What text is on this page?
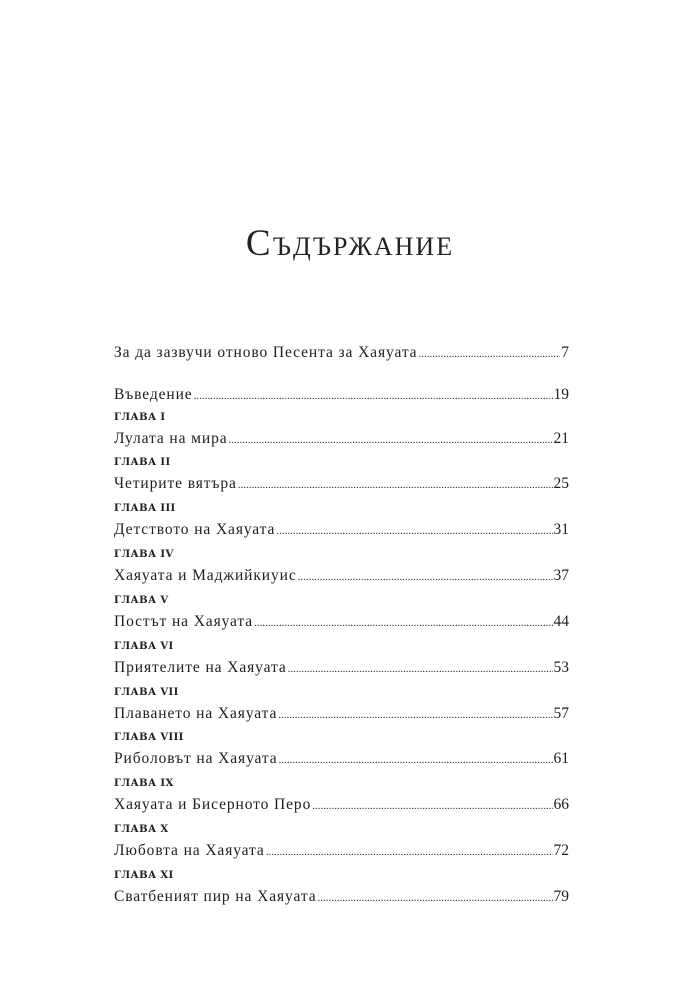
Съдържание
За да зазвучи отново Песента за Хаяуата .....	7
Въведение .....	19
ГЛАВА I
Лулата на мира .....	21
ГЛАВА II
Четирите вятъра .....	25
ГЛАВА III
Детството на Хаяуата .....	31
ГЛАВА IV
Хаяуата и Маджийкиуис .....	37
ГЛАВА V
Постът на Хаяуата .....	44
ГЛАВА VI
Приятелите на Хаяуата .....	53
ГЛАВА VII
Плаването на Хаяуата .....	57
ГЛАВА VIII
Риболовът на Хаяуата .....	61
ГЛАВА IX
Хаяуата и Бисерното Перо .....	66
ГЛАВА X
Любовта на Хаяуата .....	72
ГЛАВА XI
Сватбеният пир на Хаяуата .....	79
